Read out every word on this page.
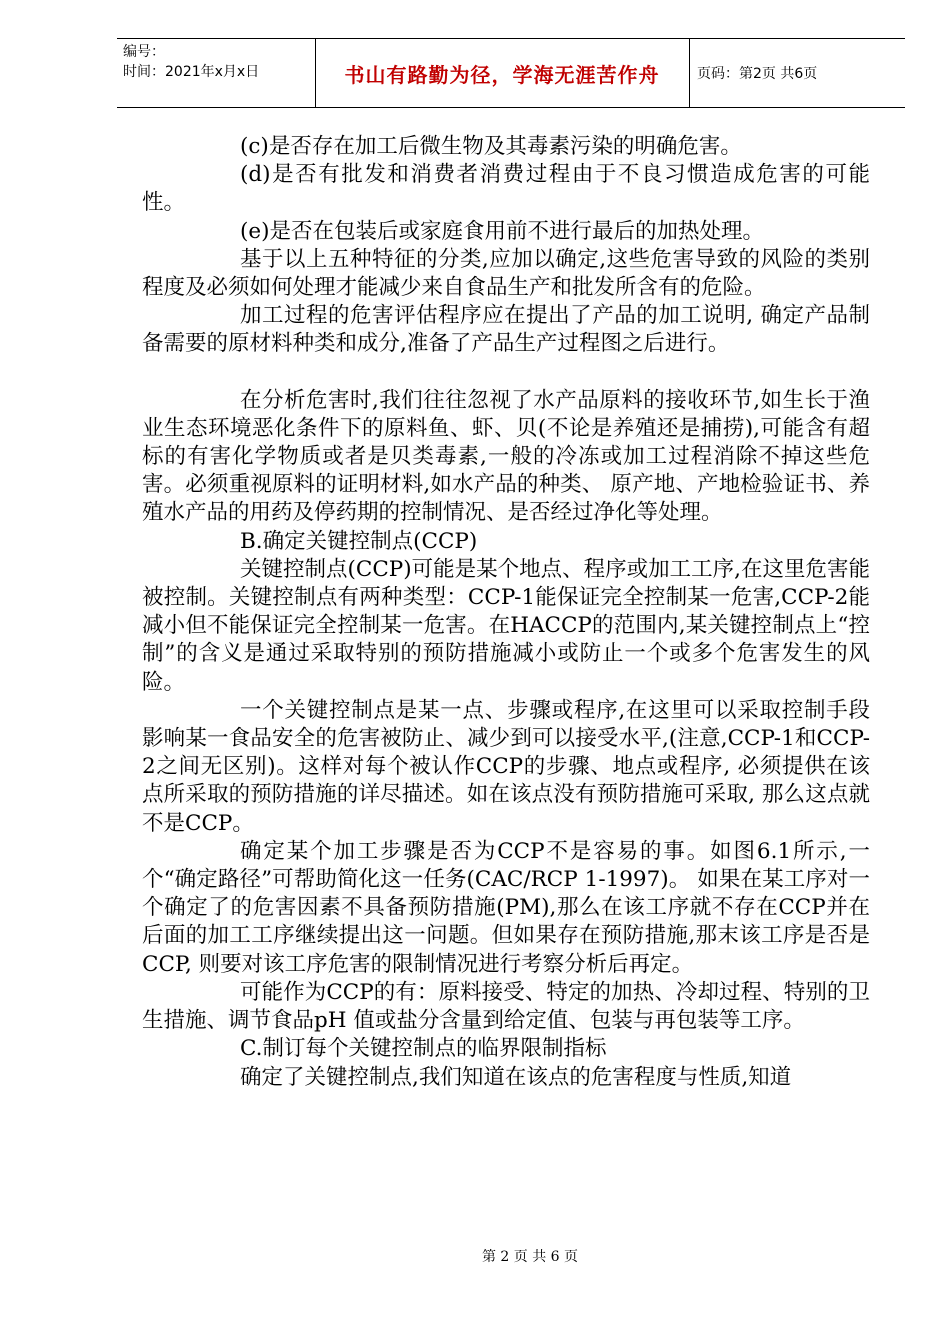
编号：
时间：2021年x月x日	书山有路勤为径，学海无涯苦作舟	页码：第2页 共6页

(c)是否存在加工后微生物及其毒素污染的明确危害。

(d)是否有批发和消费者消费过程由于不良习惯造成危害的可能性。

(e)是否在包装后或家庭食用前不进行最后的加热处理。

基于以上五种特征的分类,应加以确定,这些危害导致的风险的类别程度及必须如何处理才能减少来自食品生产和批发所含有的危险。

加工过程的危害评估程序应在提出了产品的加工说明, 确定产品制备需要的原材料种类和成分,准备了产品生产过程图之后进行。

在分析危害时,我们往往忽视了水产品原料的接收环节,如生长于渔业生态环境恶化条件下的原料鱼、虾、贝(不论是养殖还是捕捞),可能含有超标的有害化学物质或者是贝类毒素,一般的冷冻或加工过程消除不掉这些危害。必须重视原料的证明材料,如水产品的种类、 原产地、产地检验证书、养殖水产品的用药及停药期的控制情况、是否经过净化等处理。

B.确定关键控制点(CCP)

关键控制点(CCP)可能是某个地点、程序或加工工序,在这里危害能被控制。关键控制点有两种类型：CCP-1能保证完全控制某一危害,CCP-2能减小但不能保证完全控制某一危害。在HACCP的范围内,某关键控制点上“控制”的含义是通过采取特别的预防措施减小或防止一个或多个危害发生的风险。

一个关键控制点是某一点、步骤或程序,在这里可以采取控制手段影响某一食品安全的危害被防止、减少到可以接受水平,(注意,CCP-1和CCP-2之间无区别)。这样对每个被认作CCP的步骤、地点或程序, 必须提供在该点所采取的预防措施的详尽描述。如在该点没有预防措施可采取, 那么这点就不是CCP。

确定某个加工步骤是否为CCP不是容易的事。如图6.1所示,一个“确定路径”可帮助简化这一任务(CAC/RCP 1-1997)。 如果在某工序对一个确定了的危害因素不具备预防措施(PM),那么在该工序就不存在CCP并在后面的加工工序继续提出这一问题。但如果存在预防措施,那末该工序是否是CCP, 则要对该工序危害的限制情况进行考察分析后再定。

可能作为CCP的有：原料接受、特定的加热、冷却过程、特别的卫生措施、调节食品pH 值或盐分含量到给定值、包装与再包装等工序。

C.制订每个关键控制点的临界限制指标

确定了关键控制点,我们知道在该点的危害程度与性质,知道

第 2 页 共 6 页
